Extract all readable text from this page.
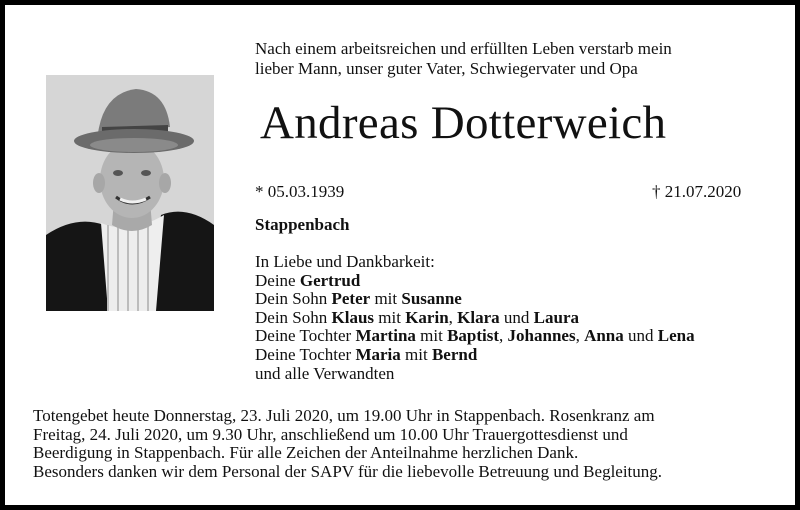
Nach einem arbeitsreichen und erfüllten Leben verstarb mein
lieber Mann, unser guter Vater, Schwiegervater und Opa
Andreas Dotterweich
* 05.03.1939	† 21.07.2020
Stappenbach
In Liebe und Dankbarkeit:
Deine Gertrud
Dein Sohn Peter mit Susanne
Dein Sohn Klaus mit Karin, Klara und Laura
Deine Tochter Martina mit Baptist, Johannes, Anna und Lena
Deine Tochter Maria mit Bernd
und alle Verwandten
Totengebet heute Donnerstag, 23. Juli 2020, um 19.00 Uhr in Stappenbach. Rosenkranz am
Freitag, 24. Juli 2020, um 9.30 Uhr, anschließend um 10.00 Uhr Trauergottesdienst und
Beerdigung in Stappenbach. Für alle Zeichen der Anteilnahme herzlichen Dank.
Besonders danken wir dem Personal der SAPV für die liebevolle Betreuung und Begleitung.
